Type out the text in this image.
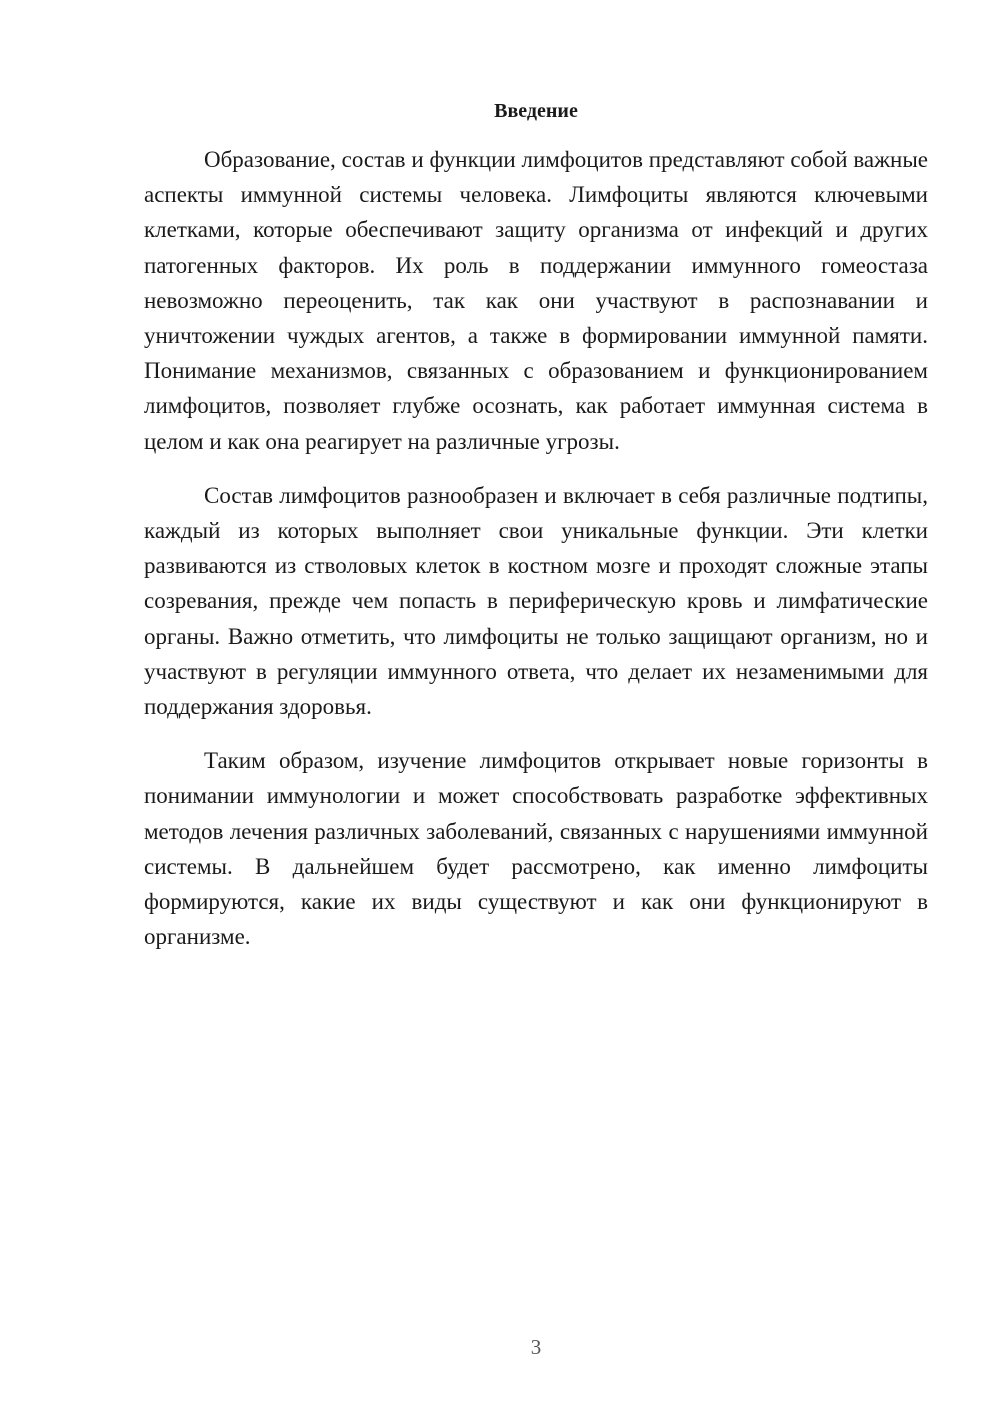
Введение

Образование, состав и функции лимфоцитов представляют собой важные аспекты иммунной системы человека. Лимфоциты являются ключевыми клетками, которые обеспечивают защиту организма от инфекций и других патогенных факторов. Их роль в поддержании иммунного гомеостаза невозможно переоценить, так как они участвуют в распознавании и уничтожении чуждых агентов, а также в формировании иммунной памяти. Понимание механизмов, связанных с образованием и функционированием лимфоцитов, позволяет глубже осознать, как работает иммунная система в целом и как она реагирует на различные угрозы.

Состав лимфоцитов разнообразен и включает в себя различные подтипы, каждый из которых выполняет свои уникальные функции. Эти клетки развиваются из стволовых клеток в костном мозге и проходят сложные этапы созревания, прежде чем попасть в периферическую кровь и лимфатические органы. Важно отметить, что лимфоциты не только защищают организм, но и участвуют в регуляции иммунного ответа, что делает их незаменимыми для поддержания здоровья.

Таким образом, изучение лимфоцитов открывает новые горизонты в понимании иммунологии и может способствовать разработке эффективных методов лечения различных заболеваний, связанных с нарушениями иммунной системы. В дальнейшем будет рассмотрено, как именно лимфоциты формируются, какие их виды существуют и как они функционируют в организме.

3
